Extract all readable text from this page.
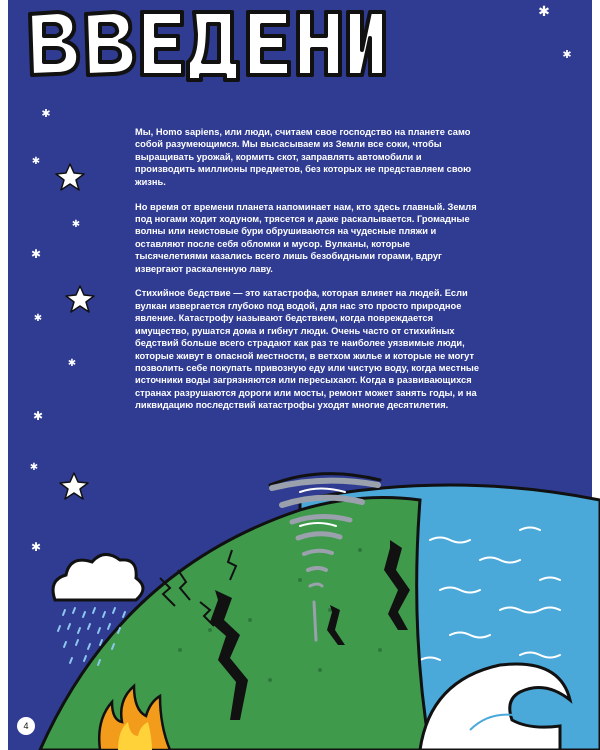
✱
✱
✱
✱
✱
✱
✱
✱
✱
✱
✱

Мы, Homo sapiens, или люди, считаем свое господство на планете само собой разумеющимся. Мы высасываем из Земли все соки, чтобы выращивать урожай, кормить скот, заправлять автомобили и производить миллионы предметов, без которых не представляем свою жизнь.

Но время от времени планета напоминает нам, кто здесь главный. Земля под ногами ходит ходуном, трясется и даже раскалывается. Громадные волны или неистовые бури обрушиваются на чудесные пляжи и оставляют после себя обломки и мусор. Вулканы, которые тысячелетиями казались всего лишь безобидными горами, вдруг извергают раскаленную лаву.

Стихийное бедствие — это катастрофа, которая влияет на людей. Если вулкан извергается глубоко под водой, для нас это просто природное явление. Катастрофу называют бедствием, когда повреждается имущество, рушатся дома и гибнут люди. Очень часто от стихийных бедствий больше всего страдают как раз те наиболее уязвимые люди, которые живут в опасной местности, в ветхом жилье и которые не могут позволить себе покупать привозную еду или чистую воду, когда местные источники воды загрязняются или пересыхают. Когда в развивающихся странах разрушаются дороги или мосты, ремонт может занять годы, и на ликвидацию последствий катастрофы уходят многие десятилетия.

4
